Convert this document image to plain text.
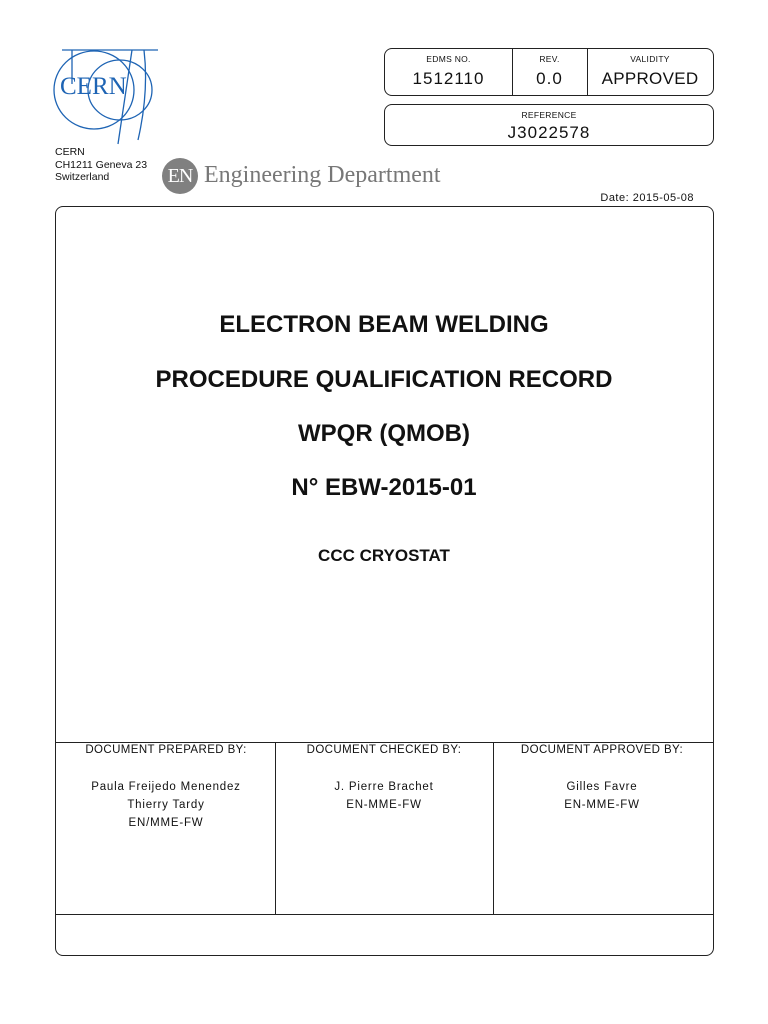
CERN
CERN
CH1211 Geneva 23
Switzerland	EN Engineering Department
EDMS NO.
1512110
REV.
0.0
VALIDITY
APPROVED
REFERENCE
J3022578
Date: 2015-05-08
ELECTRON BEAM WELDING
PROCEDURE QUALIFICATION RECORD
WPQR (QMOB)
N° EBW-2015-01
CCC CRYOSTAT
DOCUMENT PREPARED BY:
Paula Freijedo Menendez
Thierry Tardy
EN/MME-FW
DOCUMENT CHECKED BY:
J. Pierre Brachet
EN-MME-FW
DOCUMENT APPROVED BY:
Gilles Favre
EN-MME-FW
